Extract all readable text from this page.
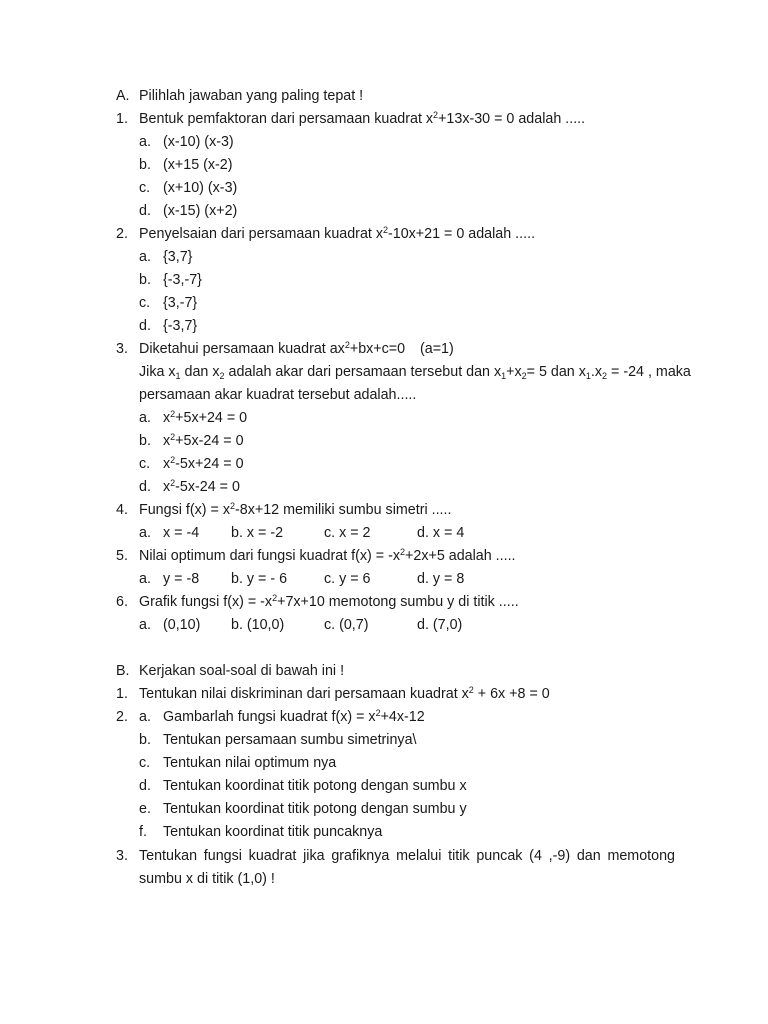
A. Pilihlah jawaban yang paling tepat !
1. Bentuk pemfaktoran dari persamaan kuadrat $x^2+13x-30 = 0$ adalah .....
a. (x-10) (x-3)
b. (x+15 (x-2)
c. (x+10) (x-3)
d. (x-15) (x+2)
2. Penyelsaian dari persamaan kuadrat $x^2-10x+21 = 0$ adalah .....
a. {3,7}
b. {-3,-7}
c. {3,-7}
d. {-3,7}
3. Diketahui persamaan kuadrat $ax^2+bx+c=0$ (a=1)
Jika $x_1$ dan $x_2$ adalah akar dari persamaan tersebut dan $x_1+x_2= 5$ dan $x_1.x_2 = -24$ , maka
persamaan akar kuadrat tersebut adalah.....
a. $x^2+5x+24 = 0$
b. $x^2+5x-24 = 0$
c. $x^2-5x+24 = 0$
d. $x^2-5x-24 = 0$
4. Fungsi $f(x) = x^2-8x+12$ memiliki sumbu simetri .....
a. x = -4 b. x = -2	c. x = 2	d. x = 4
5. Nilai optimum dari fungsi kuadrat $f(x) = -x^2+2x+5$ adalah .....
a. y = -8 b. y = - 6	c. y = 6	d. y = 8
6. Grafik fungsi $f(x) = -x^2+7x+10$ memotong sumbu y di titik .....
a. (0,10) b. (10,0)	c. (0,7)	d. (7,0)
B. Kerjakan soal-soal di bawah ini !
1. Tentukan nilai diskriminan dari persamaan kuadrat $x^2 + 6x +8 = 0$
2. a. Gambarlah fungsi kuadrat $f(x) = x^2+4x-12$
b. Tentukan persamaan sumbu simetrinya\
c. Tentukan nilai optimum nya
d. Tentukan koordinat titik potong dengan sumbu x
e. Tentukan koordinat titik potong dengan sumbu y
f. Tentukan koordinat titik puncaknya
3. Tentukan fungsi kuadrat jika grafiknya melalui titik puncak (4 ,-9) dan memotong
sumbu x di titik (1,0) !
